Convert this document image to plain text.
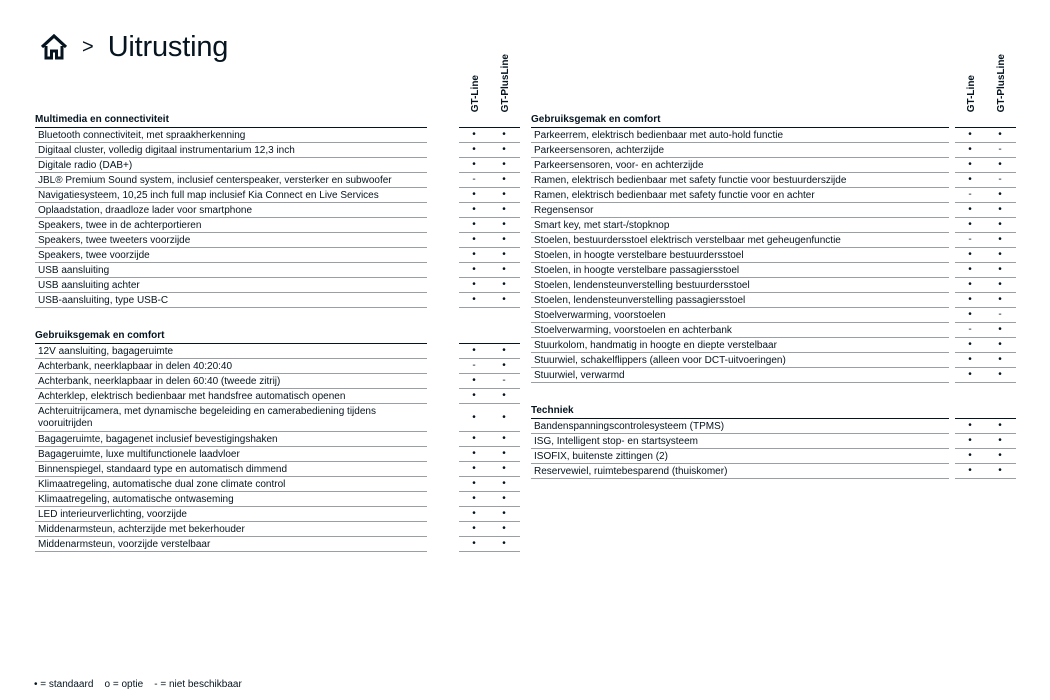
> Uitrusting
GT-Line GT-PlusLine	GT-Line GT-PlusLine
Multimedia en connectiviteit
Bluetooth connectiviteit, met spraakherkenning	•	•
Digitaal cluster, volledig digitaal instrumentarium 12,3 inch	•	•
Digitale radio (DAB+)	•	•
JBL® Premium Sound system, inclusief centerspeaker, versterker en subwoofer	-	•
Navigatiesysteem, 10,25 inch full map inclusief Kia Connect en Live Services	•	•
Oplaadstation, draadloze lader voor smartphone	•	•
Speakers, twee in de achterportieren	•	•
Speakers, twee tweeters voorzijde	•	•
Speakers, twee voorzijde	•	•
USB aansluiting	•	•
USB aansluiting achter	•	•
USB-aansluiting, type USB-C	•	•
Gebruiksgemak en comfort
12V aansluiting, bagageruimte	•	•
Achterbank, neerklapbaar in delen 40:20:40	-	•
Achterbank, neerklapbaar in delen 60:40 (tweede zitrij)	•	-
Achterklep, elektrisch bedienbaar met handsfree automatisch openen	•	•
Achteruitrijcamera, met dynamische begeleiding en camerabediening tijdens vooruitrijden
•	•
Bagageruimte, bagagenet inclusief bevestigingshaken	•	•
Bagageruimte, luxe multifunctionele laadvloer	•	•
Binnenspiegel, standaard type en automatisch dimmend	•	•
Klimaatregeling, automatische dual zone climate control	•	•
Klimaatregeling, automatische ontwaseming	•	•
LED interieurverlichting, voorzijde	•	•
Middenarmsteun, achterzijde met bekerhouder	•	•
Middenarmsteun, voorzijde verstelbaar	•	•
Gebruiksgemak en comfort
Parkeerrem, elektrisch bedienbaar met auto-hold functie	•	•
Parkeersensoren, achterzijde	•	-
Parkeersensoren, voor- en achterzijde	•	•
Ramen, elektrisch bedienbaar met safety functie voor bestuurderszijde	•	-
Ramen, elektrisch bedienbaar met safety functie voor en achter	-	•
Regensensor	•	•
Smart key, met start-/stopknop	•	•
Stoelen, bestuurdersstoel elektrisch verstelbaar met geheugenfunctie	-	•
Stoelen, in hoogte verstelbare bestuurdersstoel	•	•
Stoelen, in hoogte verstelbare passagiersstoel	•	•
Stoelen, lendensteunverstelling bestuurdersstoel	•	•
Stoelen, lendensteunverstelling passagiersstoel	•	•
Stoelverwarming, voorstoelen	•	-
Stoelverwarming, voorstoelen en achterbank	-	•
Stuurkolom, handmatig in hoogte en diepte verstelbaar	•	•
Stuurwiel, schakelflippers (alleen voor DCT-uitvoeringen)	•	•
Stuurwiel, verwarmd	•	•
Techniek
Bandenspanningscontrolesysteem (TPMS)	•	•
ISG, Intelligent stop- en startsysteem	•	•
ISOFIX, buitenste zittingen (2)	•	•
Reservewiel, ruimtebesparend (thuiskomer)	•	•
• = standaard    o = optie    - = niet beschikbaar
